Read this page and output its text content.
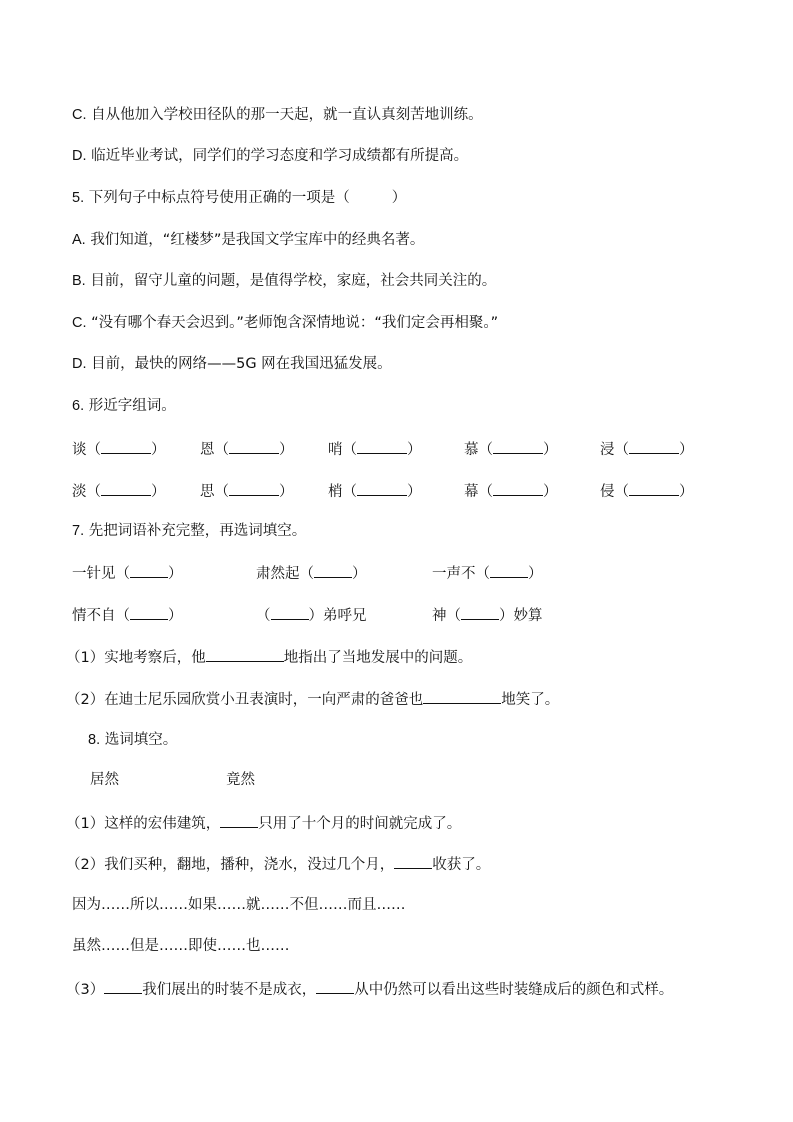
C. 自从他加入学校田径队的那一天起，就一直认真刻苦地训练。
D. 临近毕业考试，同学们的学习态度和学习成绩都有所提高。
5. 下列句子中标点符号使用正确的一项是（	）
A. 我们知道，“红楼梦”是我国文学宝库中的经典名著。
B. 目前，留守儿童的问题，是值得学校，家庭，社会共同关注的。
C. “没有哪个春天会迟到。”老师饱含深情地说：“我们定会再相聚。”
D. 目前，最快的网络——5G 网在我国迅猛发展。
6. 形近字组词。
谈（	） 恩（	） 哨（	）	慕（	）	浸（	）
淡（	） 思（	） 梢（	）	幕（	）	侵（	）
7. 先把词语补充完整，再选词填空。
一针见（	）	肃然起（	）	一声不（	）
情不自（	）	（	）弟呼兄	神（	）妙算
（1）实地考察后，他	地指出了当地发展中的问题。
（2）在迪士尼乐园欣赏小丑表演时，一向严肃的爸爸也	地笑了。
8. 选词填空。
居然	竟然
（1）这样的宏伟建筑，	只用了十个月的时间就完成了。
（2）我们买种，翻地，播种，浇水，没过几个月，	收获了。
因为……所以……如果……就……不但……而且……
虽然……但是……即使……也……
（3）	我们展出的时装不是成衣，	从中仍然可以看出这些时装缝成后的颜色和式样。
